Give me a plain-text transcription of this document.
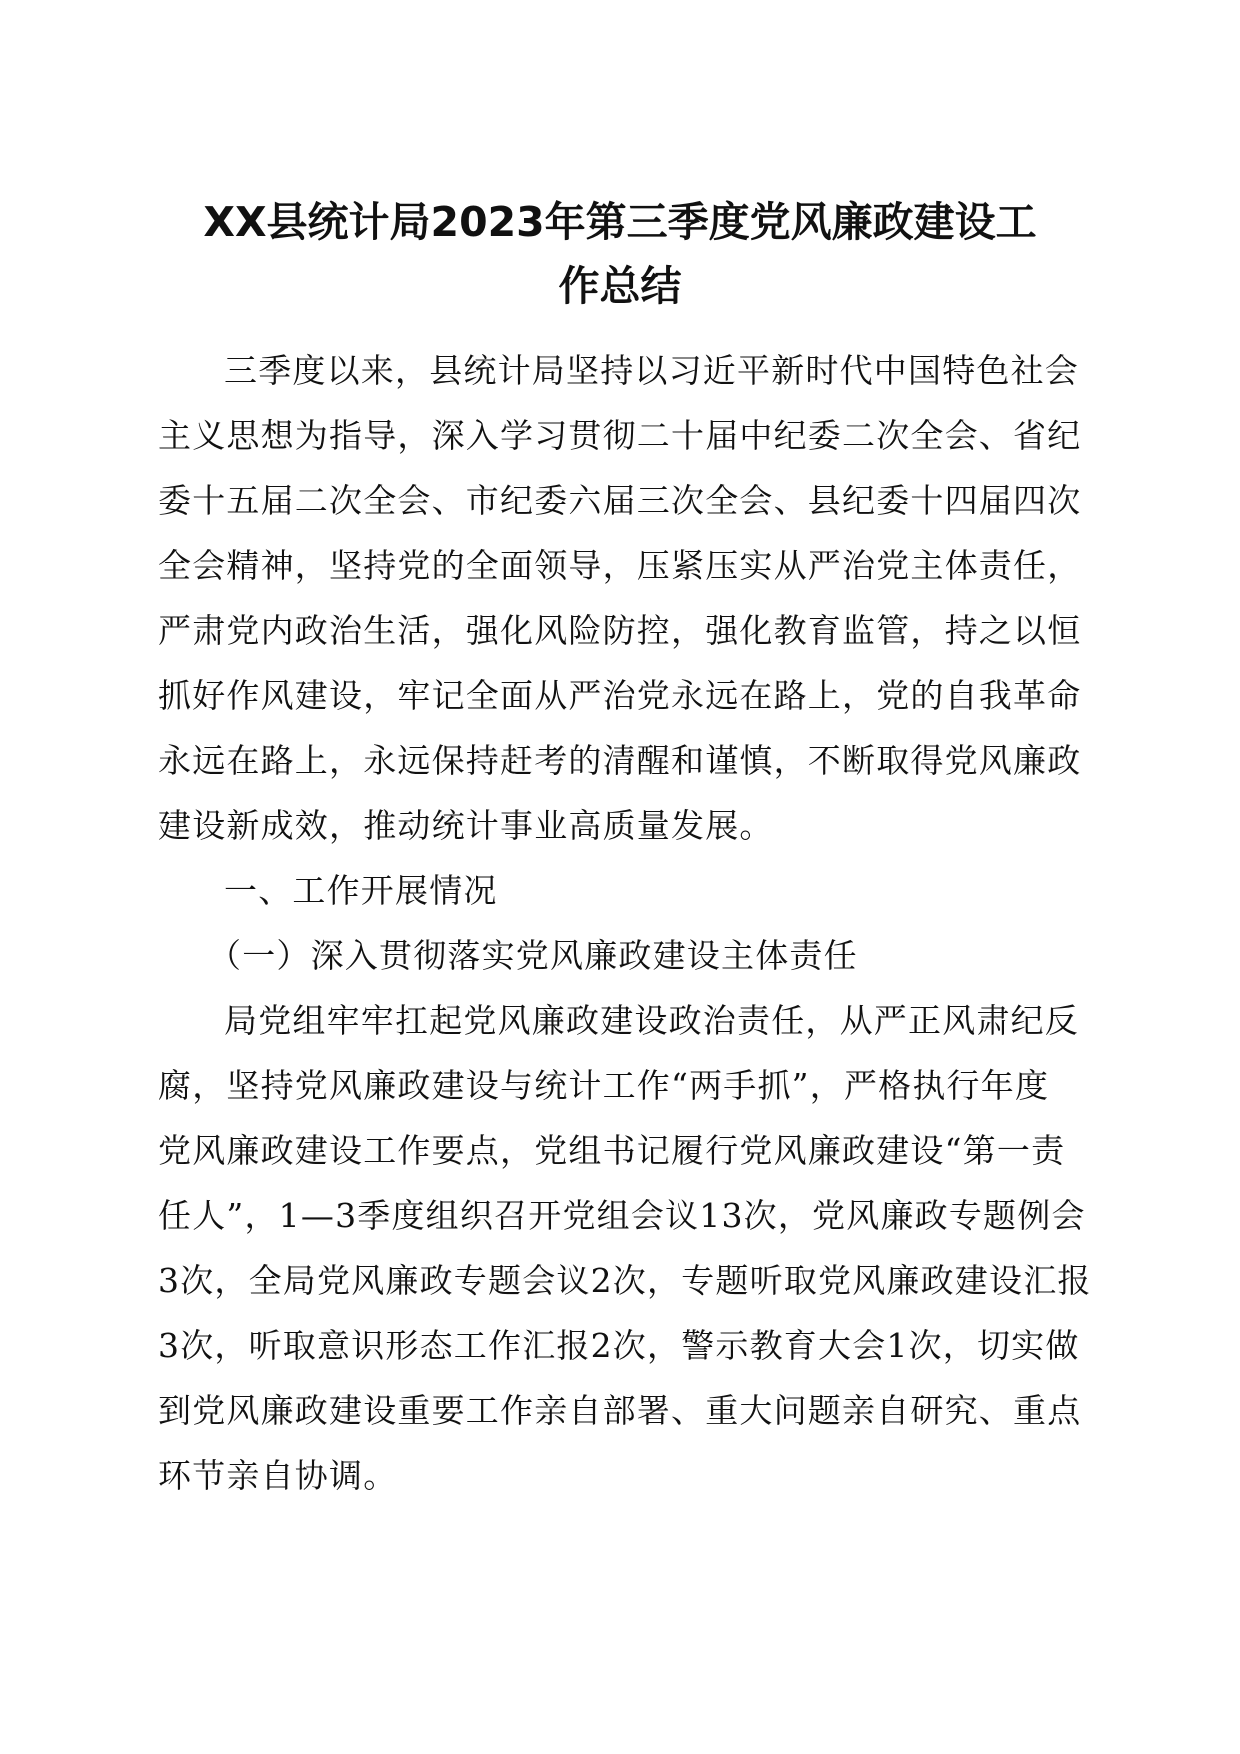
XX县统计局2023年第三季度党风廉政建设工
作总结
三季度以来，县统计局坚持以习近平新时代中国特色社会
主义思想为指导，深入学习贯彻二十届中纪委二次全会、省纪
委十五届二次全会、市纪委六届三次全会、县纪委十四届四次
全会精神，坚持党的全面领导，压紧压实从严治党主体责任，
严肃党内政治生活，强化风险防控，强化教育监管，持之以恒
抓好作风建设，牢记全面从严治党永远在路上，党的自我革命
永远在路上，永远保持赶考的清醒和谨慎，不断取得党风廉政
建设新成效，推动统计事业高质量发展。
一、工作开展情况
（一）深入贯彻落实党风廉政建设主体责任
局党组牢牢扛起党风廉政建设政治责任，从严正风肃纪反
腐，坚持党风廉政建设与统计工作“两手抓”，严格执行年度
党风廉政建设工作要点，党组书记履行党风廉政建设“第一责
任人”，1—3季度组织召开党组会议13次，党风廉政专题例会
3次，全局党风廉政专题会议2次，专题听取党风廉政建设汇报
3次，听取意识形态工作汇报2次，警示教育大会1次，切实做
到党风廉政建设重要工作亲自部署、重大问题亲自研究、重点
环节亲自协调。
